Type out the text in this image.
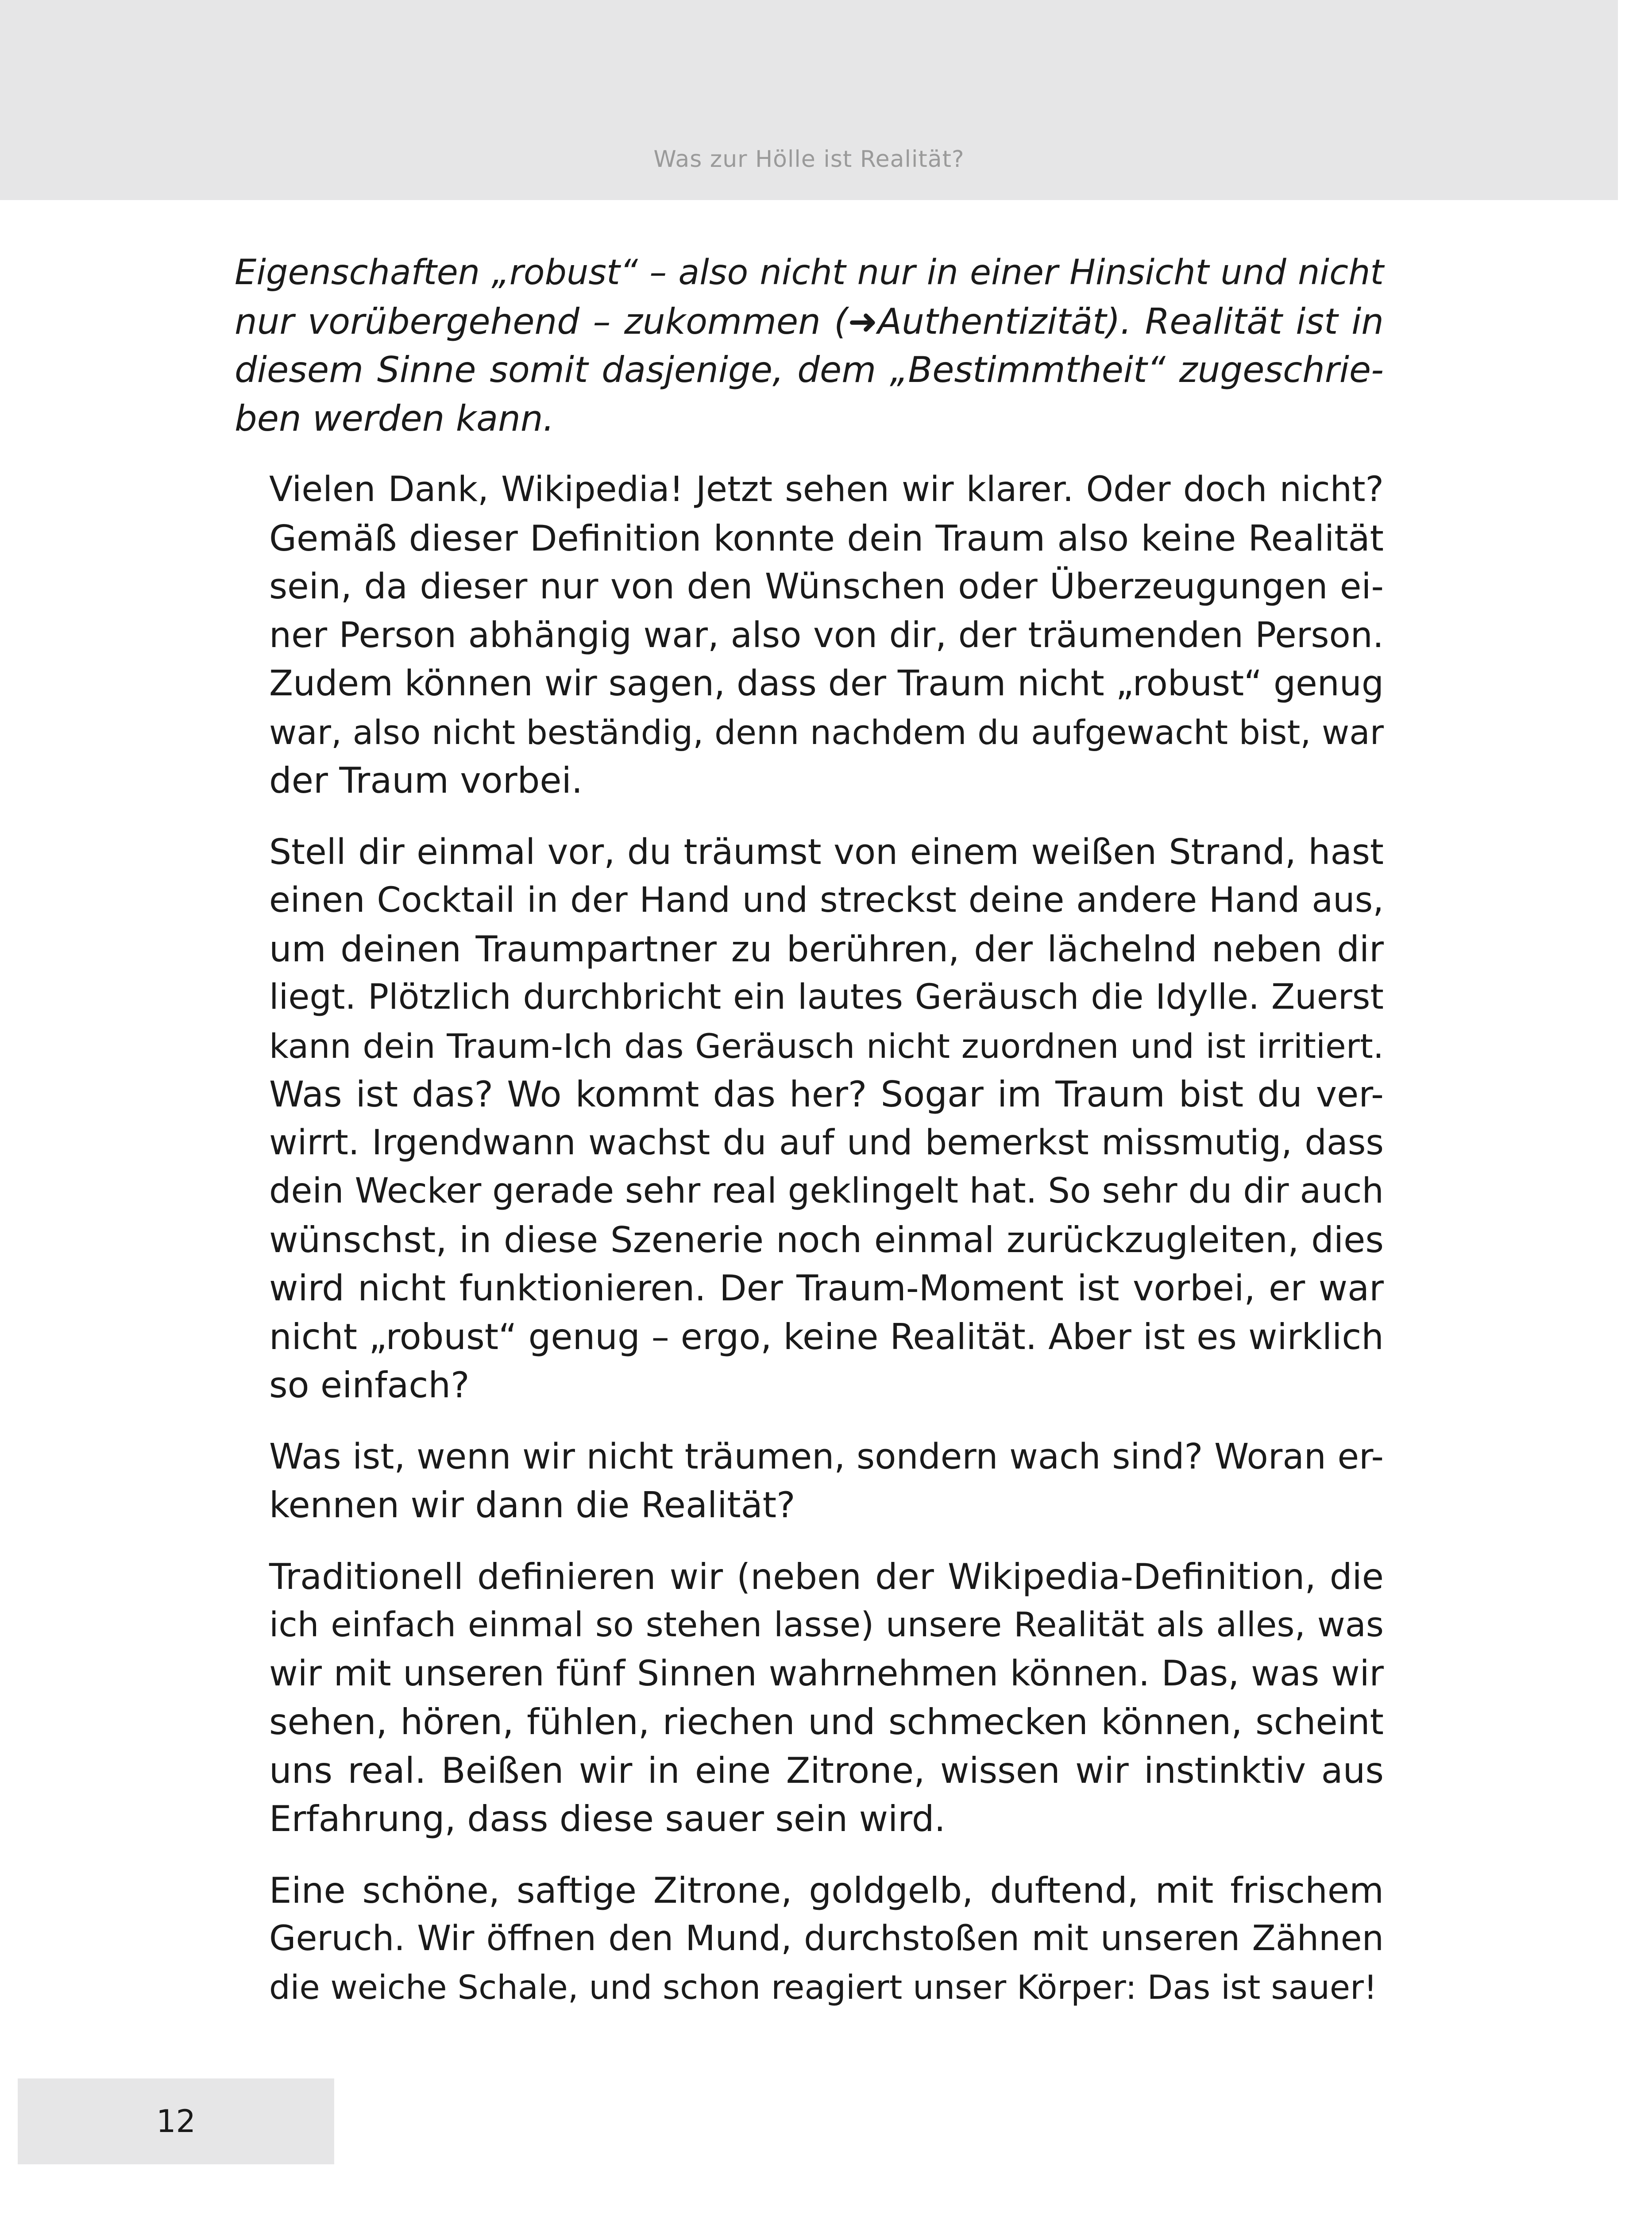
Was zur Hölle ist Realität?

Eigenschaften „robust“ – also nicht nur in einer Hinsicht und nicht
nur vorübergehend – zukommen (➜Authentizität). Realität ist in
diesem Sinne somit dasjenige, dem „Bestimmtheit“ zugeschrie-
ben werden kann.

Vielen Dank, Wikipedia! Jetzt sehen wir klarer. Oder doch nicht?
Gemäß dieser Definition konnte dein Traum also keine Realität
sein, da dieser nur von den Wünschen oder Überzeugungen ei-
ner Person abhängig war, also von dir, der träumenden Person.
Zudem können wir sagen, dass der Traum nicht „robust“ genug
war, also nicht beständig, denn nachdem du aufgewacht bist, war
der Traum vorbei.

Stell dir einmal vor, du träumst von einem weißen Strand, hast
einen Cocktail in der Hand und streckst deine andere Hand aus,
um deinen Traumpartner zu berühren, der lächelnd neben dir
liegt. Plötzlich durchbricht ein lautes Geräusch die Idylle. Zuerst
kann dein Traum-Ich das Geräusch nicht zuordnen und ist irritiert.
Was ist das? Wo kommt das her? Sogar im Traum bist du ver-
wirrt. Irgendwann wachst du auf und bemerkst missmutig, dass
dein Wecker gerade sehr real geklingelt hat. So sehr du dir auch
wünschst, in diese Szenerie noch einmal zurückzugleiten, dies
wird nicht funktionieren. Der Traum-Moment ist vorbei, er war
nicht „robust“ genug – ergo, keine Realität. Aber ist es wirklich
so einfach?

Was ist, wenn wir nicht träumen, sondern wach sind? Woran er-
kennen wir dann die Realität?

Traditionell definieren wir (neben der Wikipedia-Definition, die
ich einfach einmal so stehen lasse) unsere Realität als alles, was
wir mit unseren fünf Sinnen wahrnehmen können. Das, was wir
sehen, hören, fühlen, riechen und schmecken können, scheint
uns real. Beißen wir in eine Zitrone, wissen wir instinktiv aus
Erfahrung, dass diese sauer sein wird.

Eine schöne, saftige Zitrone, goldgelb, duftend, mit frischem
Geruch. Wir öffnen den Mund, durchstoßen mit unseren Zähnen
die weiche Schale, und schon reagiert unser Körper: Das ist sauer!

12
